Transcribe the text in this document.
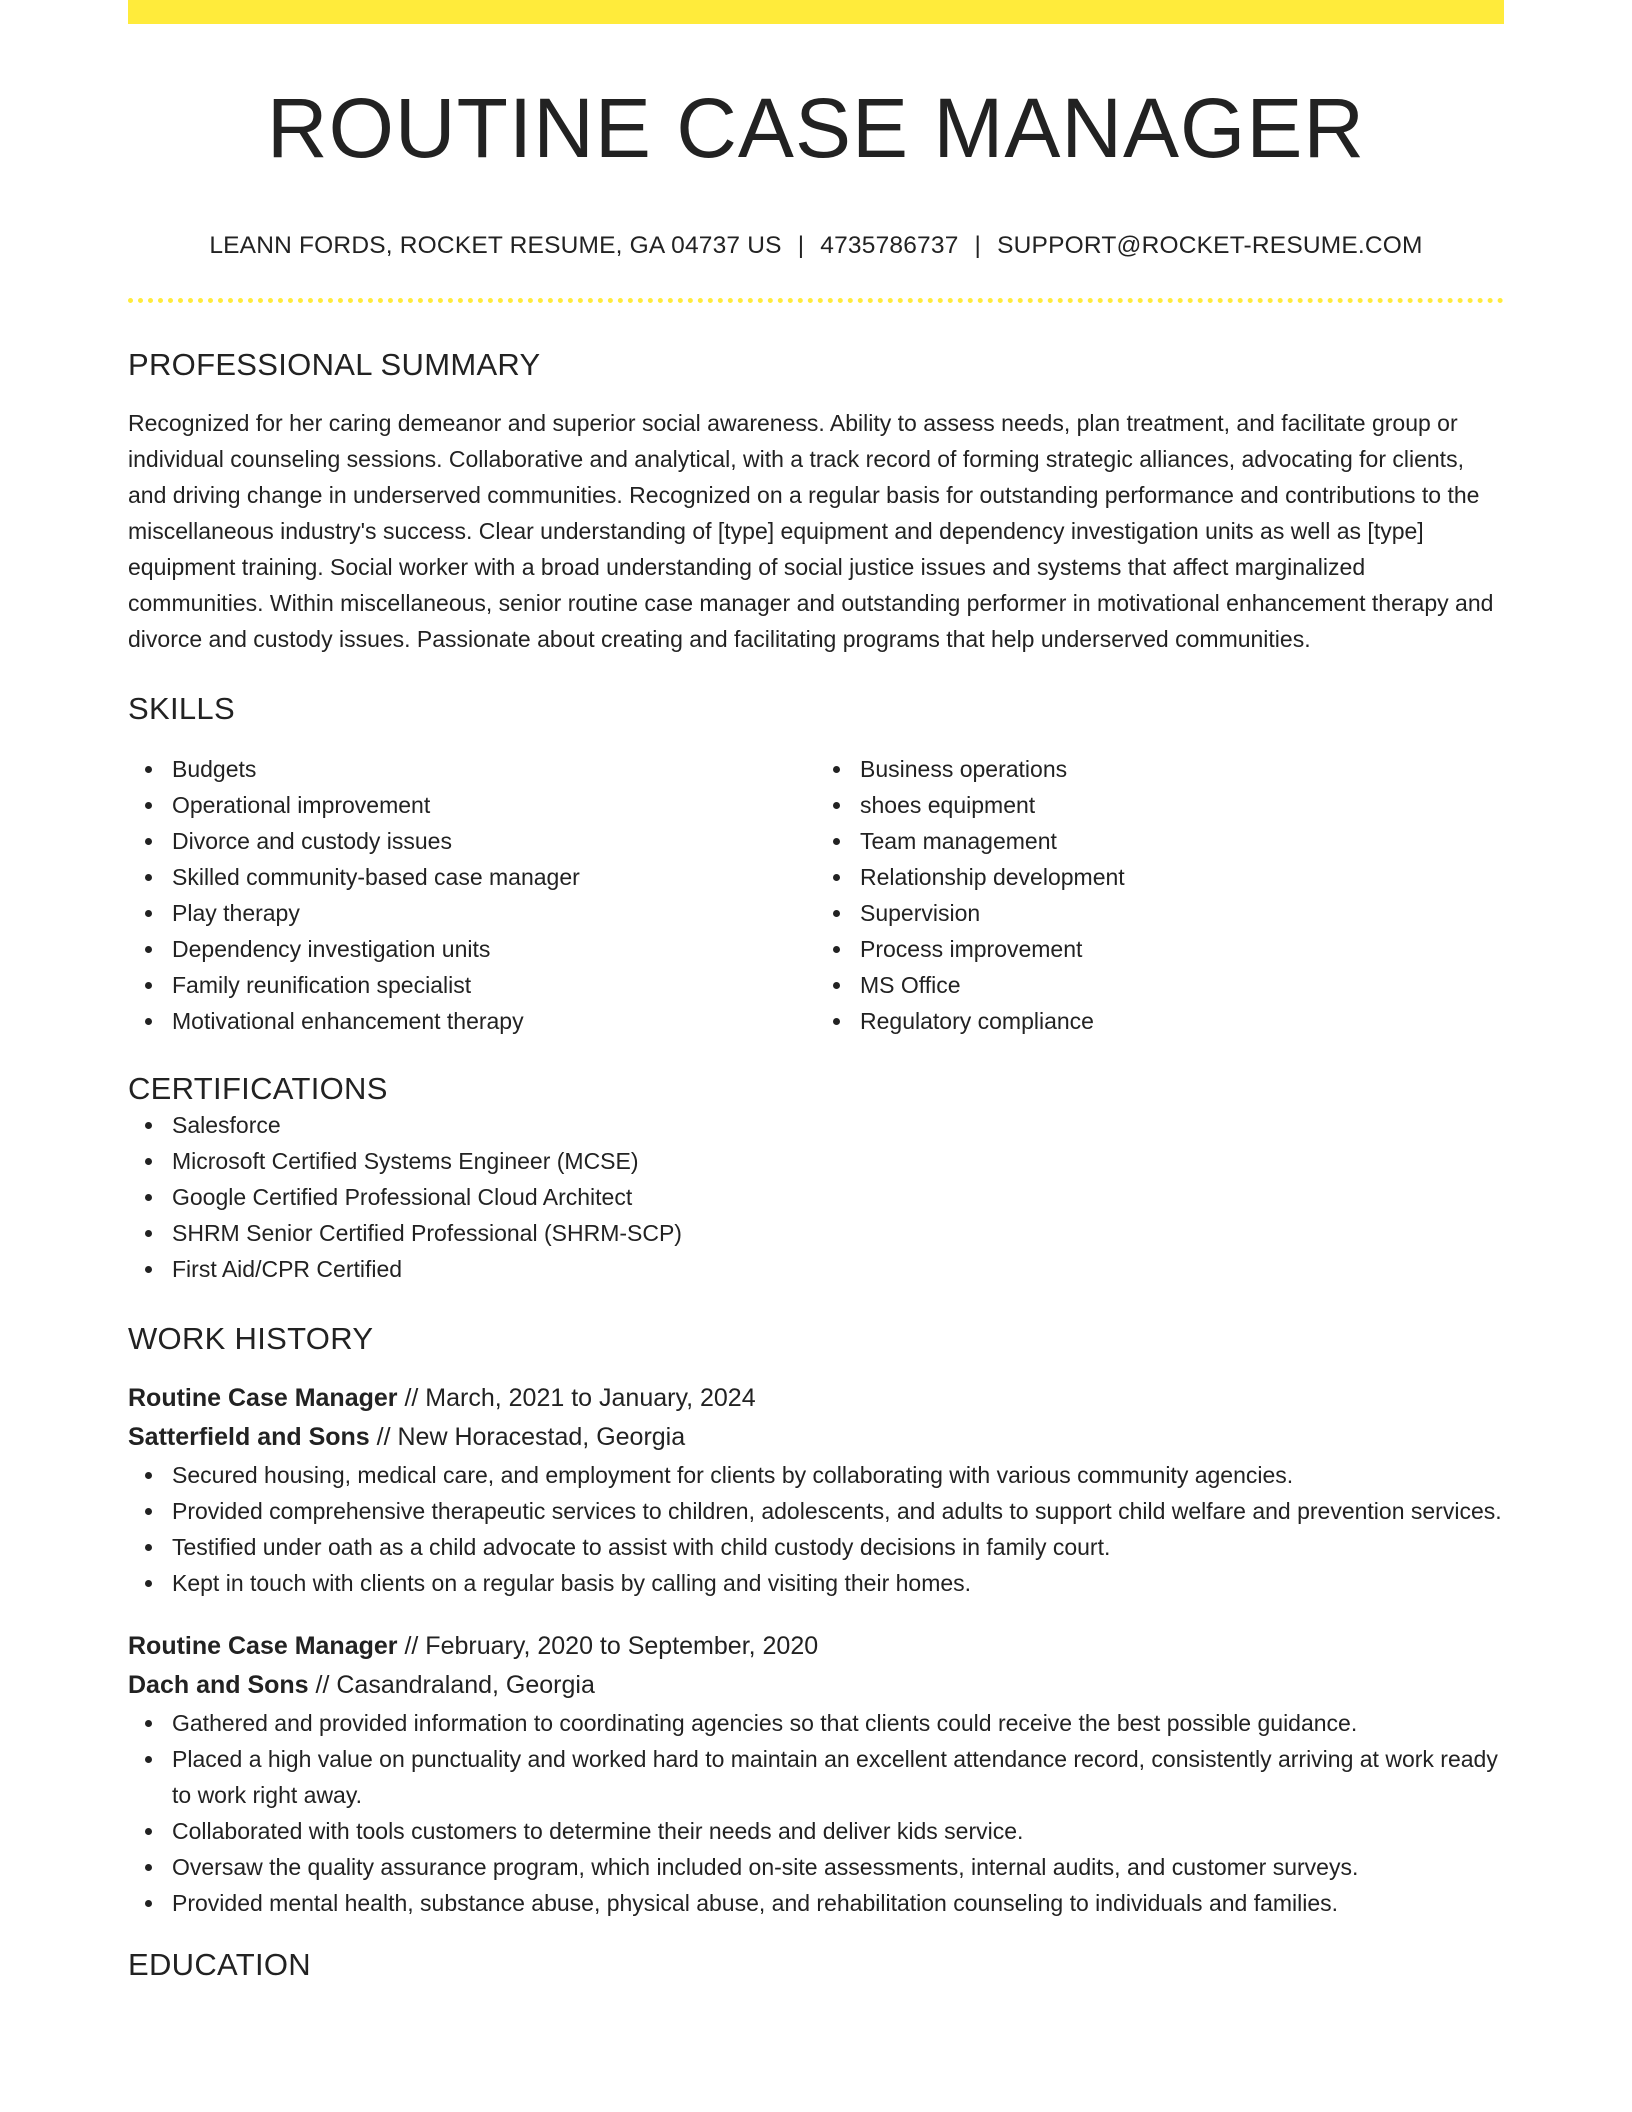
ROUTINE CASE MANAGER
LEANN FORDS, ROCKET RESUME, GA 04737 US | 4735786737 | SUPPORT@ROCKET-RESUME.COM
PROFESSIONAL SUMMARY

Recognized for her caring demeanor and superior social awareness. Ability to assess needs, plan treatment, and facilitate group or individual counseling sessions. Collaborative and analytical, with a track record of forming strategic alliances, advocating for clients, and driving change in underserved communities. Recognized on a regular basis for outstanding performance and contributions to the miscellaneous industry's success. Clear understanding of [type] equipment and dependency investigation units as well as [type] equipment training. Social worker with a broad understanding of social justice issues and systems that affect marginalized communities. Within miscellaneous, senior routine case manager and outstanding performer in motivational enhancement therapy and divorce and custody issues. Passionate about creating and facilitating programs that help underserved communities.

SKILLS
Budgets
Operational improvement
Divorce and custody issues
Skilled community-based case manager
Play therapy
Dependency investigation units
Family reunification specialist
Motivational enhancement therapy
Business operations
shoes equipment
Team management
Relationship development
Supervision
Process improvement
MS Office
Regulatory compliance
CERTIFICATIONS
Salesforce
Microsoft Certified Systems Engineer (MCSE)
Google Certified Professional Cloud Architect
SHRM Senior Certified Professional (SHRM-SCP)
First Aid/CPR Certified
WORK HISTORY
Routine Case Manager // March, 2021 to January, 2024
Satterfield and Sons // New Horacestad, Georgia
Secured housing, medical care, and employment for clients by collaborating with various community agencies.
Provided comprehensive therapeutic services to children, adolescents, and adults to support child welfare and prevention services.
Testified under oath as a child advocate to assist with child custody decisions in family court.
Kept in touch with clients on a regular basis by calling and visiting their homes.
Routine Case Manager // February, 2020 to September, 2020
Dach and Sons // Casandraland, Georgia
Gathered and provided information to coordinating agencies so that clients could receive the best possible guidance.
Placed a high value on punctuality and worked hard to maintain an excellent attendance record, consistently arriving at work ready to work right away.
Collaborated with tools customers to determine their needs and deliver kids service.
Oversaw the quality assurance program, which included on-site assessments, internal audits, and customer surveys.
Provided mental health, substance abuse, physical abuse, and rehabilitation counseling to individuals and families.
EDUCATION
